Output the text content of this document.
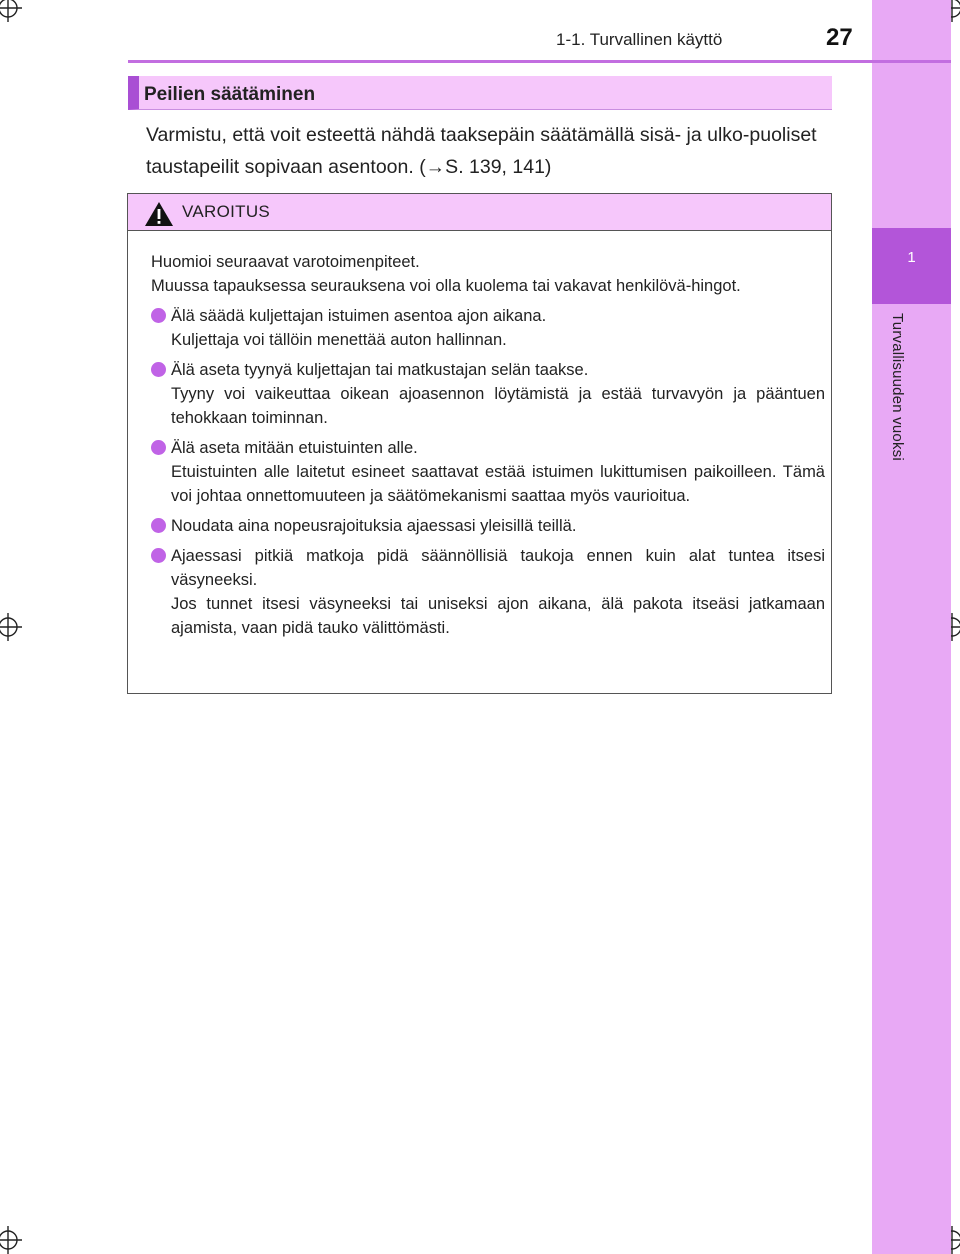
1
Turvallisuuden vuoksi
1-1. Turvallinen käyttö	27
Peilien säätäminen
Varmistu, että voit esteettä nähdä taaksepäin säätämällä sisä- ja ulko-puoliset taustapeilit sopivaan asentoon. (→S. 139, 141)
VAROITUS

Huomioi seuraavat varotoimenpiteet.

Muussa tapauksessa seurauksena voi olla kuolema tai vakavat henkilövä-hingot.

Älä säädä kuljettajan istuimen asentoa ajon aikana.

Kuljettaja voi tällöin menettää auton hallinnan.

Älä aseta tyynyä kuljettajan tai matkustajan selän taakse.

Tyyny voi vaikeuttaa oikean ajoasennon löytämistä ja estää turvavyön ja pääntuen tehokkaan toiminnan.

Älä aseta mitään etuistuinten alle.

Etuistuinten alle laitetut esineet saattavat estää istuimen lukittumisen paikoilleen. Tämä voi johtaa onnettomuuteen ja säätömekanismi saattaa myös vaurioitua.

Noudata aina nopeusrajoituksia ajaessasi yleisillä teillä.

Ajaessasi pitkiä matkoja pidä säännöllisiä taukoja ennen kuin alat tuntea itsesi väsyneeksi.

Jos tunnet itsesi väsyneeksi tai uniseksi ajon aikana, älä pakota itseäsi jatkamaan ajamista, vaan pidä tauko välittömästi.
